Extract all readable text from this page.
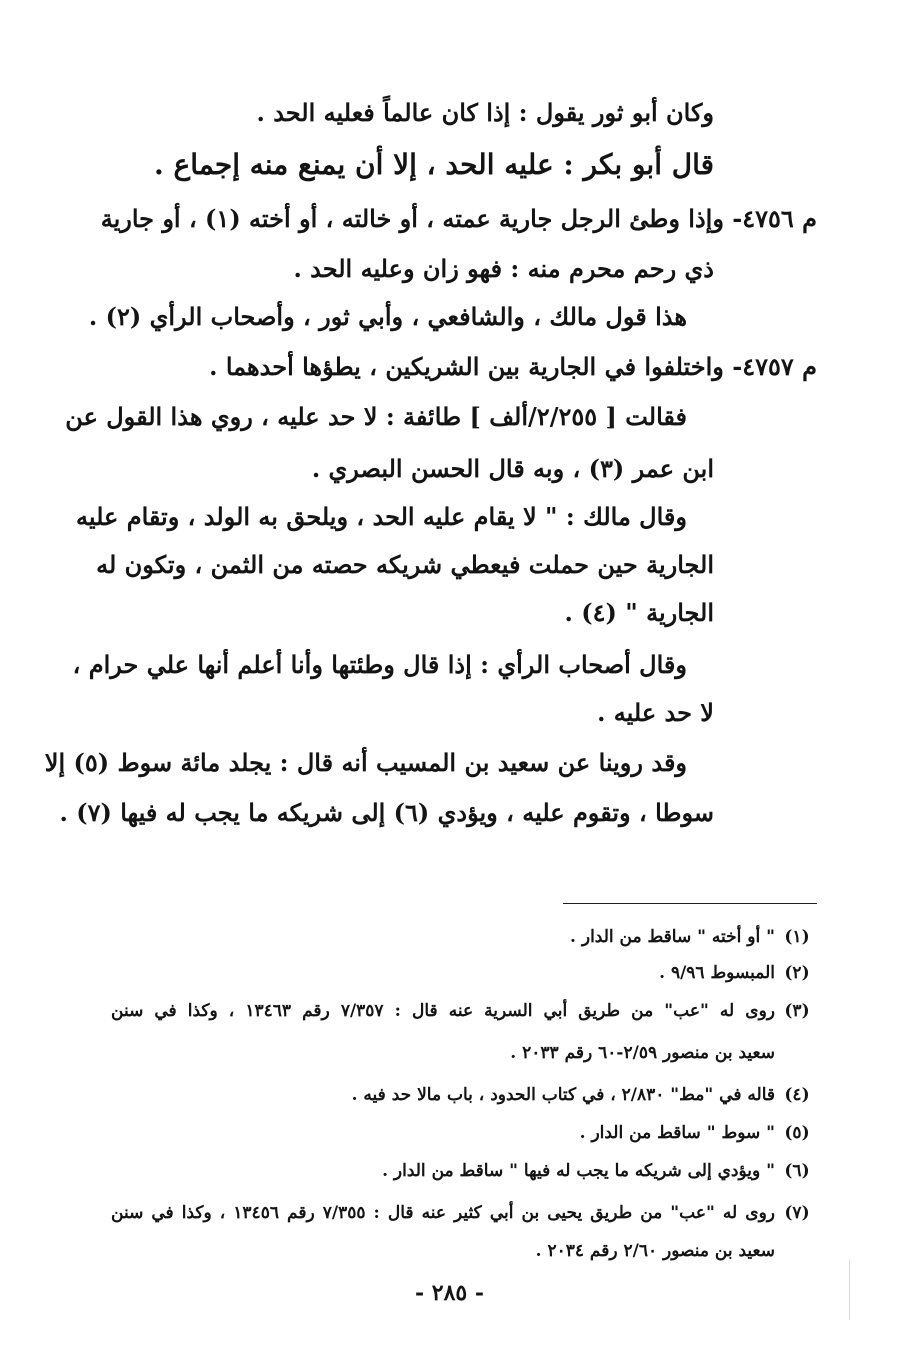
وكان أبو ثور يقول : إذا كان عالماً فعليه الحد .
قال أبو بكر : عليه الحد ، إلا أن يمنع منه إجماع .
م ٤٧٥٦- وإذا وطئ الرجل جارية عمته ، أو خالته ، أو أخته (١) ، أو جارية
ذي رحم محرم منه : فهو زان وعليه الحد .
هذا قول مالك ، والشافعي ، وأبي ثور ، وأصحاب الرأي (٢) .
م ٤٧٥٧- واختلفوا في الجارية بين الشريكين ، يطؤها أحدهما .
فقالت [ ٢/٢٥٥/ألف ] طائفة : لا حد عليه ، روي هذا القول عن
ابن عمر (٣) ، وبه قال الحسن البصري .
وقال مالك : " لا يقام عليه الحد ، ويلحق به الولد ، وتقام عليه
الجارية حين حملت فيعطي شريكه حصته من الثمن ، وتكون له
الجارية " (٤) .
وقال أصحاب الرأي : إذا قال وطئتها وأنا أعلم أنها علي حرام ،
لا حد عليه .
وقد روينا عن سعيد بن المسيب أنه قال : يجلد مائة سوط (٥) إلا
سوطا ، وتقوم عليه ، ويؤدي (٦) إلى شريكه ما يجب له فيها (٧) .
(١)" أو أخته " ساقط من الدار .
(٢)المبسوط ٩/٩٦ .
(٣)روى له "عب" من طريق أبي السرية عنه قال : ٧/٣٥٧ رقم ١٣٤٦٣ ، وكذا في سنن
سعيد بن منصور ٢/٥٩-٦٠ رقم ٢٠٣٣ .
(٤)قاله في "مط" ٢/٨٣٠ ، في كتاب الحدود ، باب مالا حد فيه .
(٥)" سوط " ساقط من الدار .
(٦)" ويؤدي إلى شريكه ما يجب له فيها " ساقط من الدار .
(٧)روى له "عب" من طريق يحيى بن أبي كثير عنه قال : ٧/٣٥٥ رقم ١٣٤٥٦ ، وكذا في سنن
سعيد بن منصور ٢/٦٠ رقم ٢٠٣٤ .
- ٢٨٥ -
